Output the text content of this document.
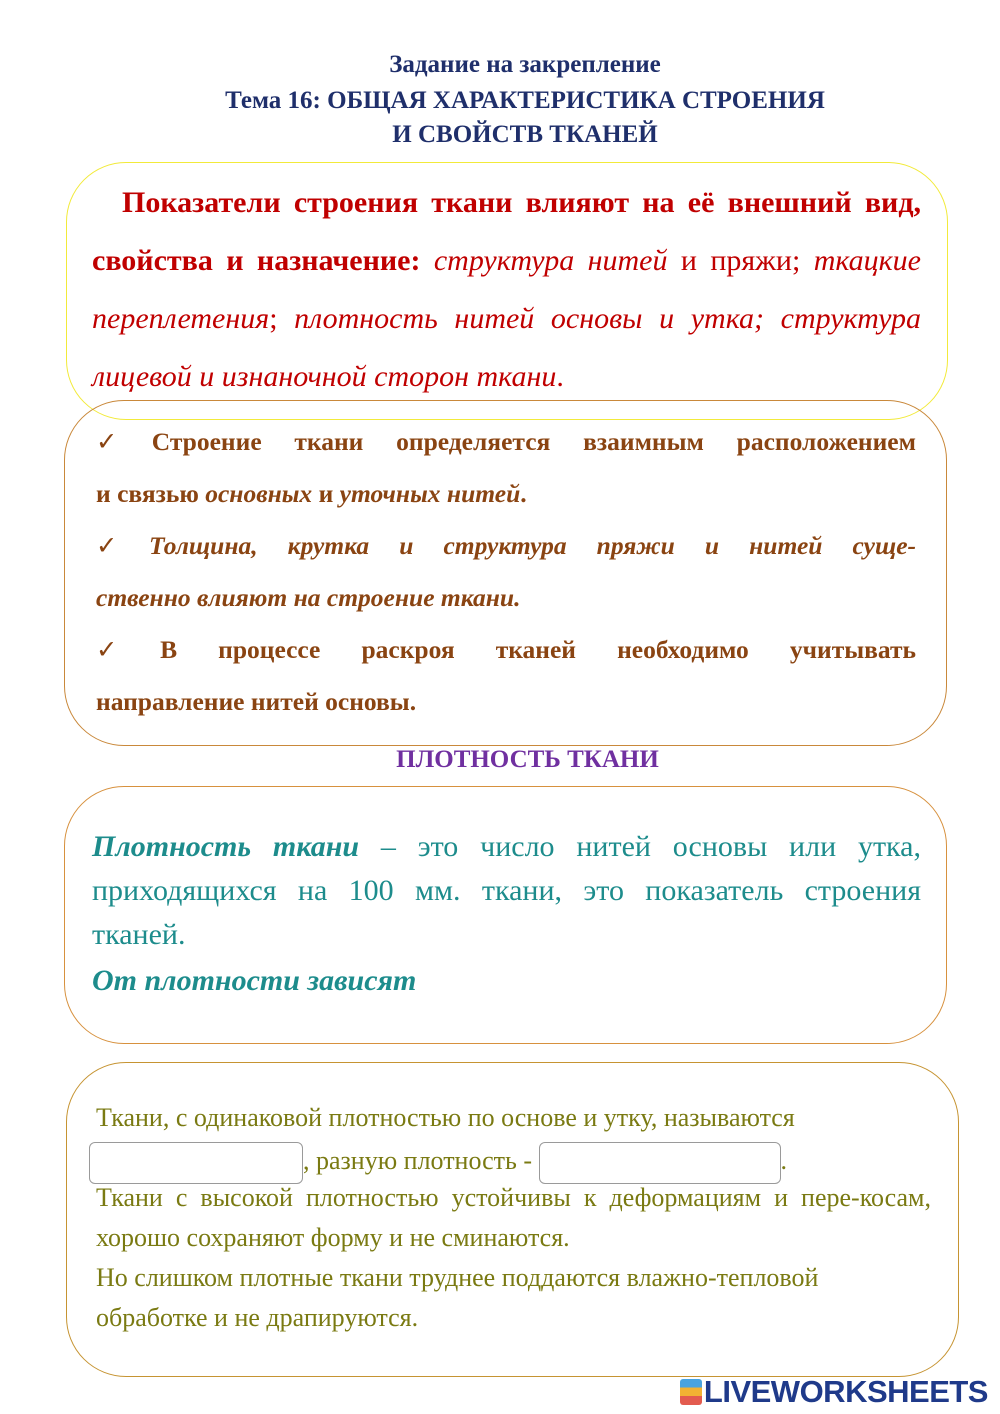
Задание на закрепление
Тема 16: ОБЩАЯ ХАРАКТЕРИСТИКА СТРОЕНИЯ
И СВОЙСТВ ТКАНЕЙ
Показатели строения ткани влияют на её внешний вид, свойства и назначение: структура нитей и пряжи; ткацкие переплетения; плотность нитей основы и утка; структура лицевой и изнаночной сторон ткани.
✓ Строение ткани определяется взаимным расположением
и связью основных и уточных нитей.
✓ Толщина, крутка и структура пряжи и нитей суще-
ственно влияют на строение ткани.
✓ В процессе раскроя тканей необходимо учитывать
направление нитей основы.
ПЛОТНОСТЬ ТКАНИ
Плотность ткани – это число нитей основы или утка, приходящихся на 100 мм. ткани, это показатель строения тканей.
От плотности зависят
Ткани, с одинаковой плотностью по основе и утку, называются
, разную плотность -	.
Ткани с высокой плотностью устойчивы к деформациям и пере-косам, хорошо сохраняют форму и не сминаются.
Но слишком плотные ткани труднее поддаются влажно-тепловой обработке и не драпируются.
LIVEWORKSHEETS
